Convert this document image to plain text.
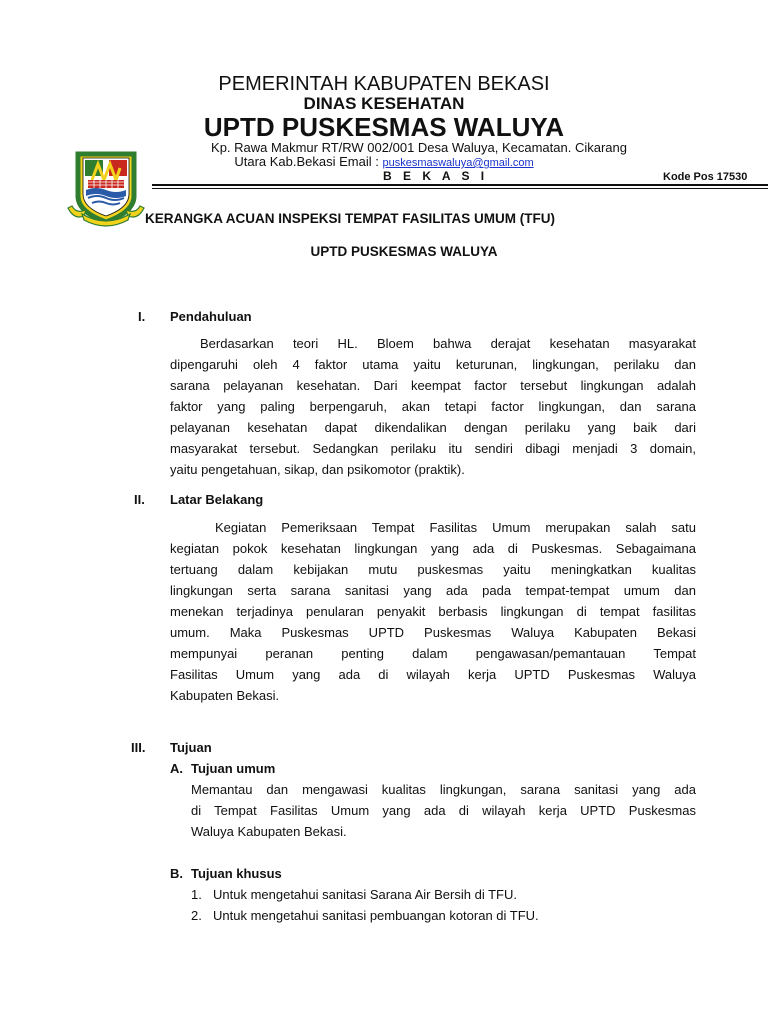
PEMERINTAH KABUPATEN BEKASI
DINAS KESEHATAN
UPTD PUSKESMAS WALUYA
Kp. Rawa Makmur RT/RW 002/001 Desa Waluya, Kecamatan. Cikarang
Utara Kab.Bekasi Email : puskesmaswaluya@gmail.com
B E K A S I	Kode Pos 17530
KERANGKA ACUAN INSPEKSI TEMPAT FASILITAS UMUM (TFU)
UPTD PUSKESMAS WALUYA
I. Pendahuluan
Berdasarkan teori HL. Bloem bahwa derajat kesehatan masyarakat
dipengaruhi oleh 4 faktor utama yaitu keturunan, lingkungan, perilaku dan
sarana pelayanan kesehatan. Dari keempat factor tersebut lingkungan adalah
faktor yang paling berpengaruh, akan tetapi factor lingkungan, dan sarana
pelayanan kesehatan dapat dikendalikan dengan perilaku yang baik dari
masyarakat tersebut. Sedangkan perilaku itu sendiri dibagi menjadi 3 domain,
yaitu pengetahuan, sikap, dan psikomotor (praktik).
II. Latar Belakang
Kegiatan Pemeriksaan Tempat Fasilitas Umum merupakan salah satu
kegiatan pokok kesehatan lingkungan yang ada di Puskesmas. Sebagaimana
tertuang dalam kebijakan mutu puskesmas yaitu meningkatkan kualitas
lingkungan serta sarana sanitasi yang ada pada tempat-tempat umum dan
menekan terjadinya penularan penyakit berbasis lingkungan di tempat fasilitas
umum. Maka Puskesmas UPTD Puskesmas Waluya Kabupaten Bekasi
mempunyai peranan penting dalam pengawasan/pemantauan Tempat
Fasilitas Umum yang ada di wilayah kerja UPTD Puskesmas Waluya
Kabupaten Bekasi.
III. Tujuan
A. Tujuan umum
Memantau dan mengawasi kualitas lingkungan, sarana sanitasi yang ada
di Tempat Fasilitas Umum yang ada di wilayah kerja UPTD Puskesmas
Waluya Kabupaten Bekasi.
B. Tujuan khusus
1. Untuk mengetahui sanitasi Sarana Air Bersih di TFU.
2. Untuk mengetahui sanitasi pembuangan kotoran di TFU.
